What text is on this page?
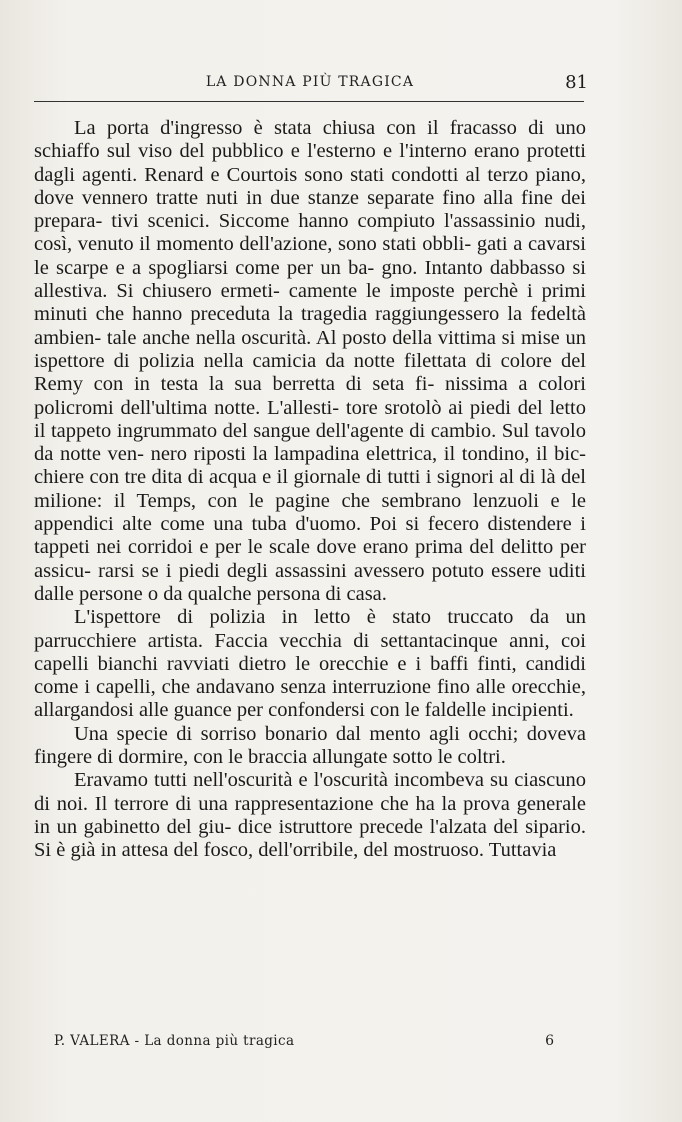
LA DONNA PIÙ TRAGICA	81

La porta d'ingresso è stata chiusa con il fracasso di uno schiaffo sul viso del pubblico e l'esterno e l'interno erano protetti dagli agenti. Renard e Courtois sono stati condotti al terzo piano, dove vennero tratte nuti in due stanze separate fino alla fine dei prepara- tivi scenici. Siccome hanno compiuto l'assassinio nudi, così, venuto il momento dell'azione, sono stati obbli- gati a cavarsi le scarpe e a spogliarsi come per un ba- gno. Intanto dabbasso si allestiva. Si chiusero ermeti- camente le imposte perchè i primi minuti che hanno preceduta la tragedia raggiungessero la fedeltà ambien- tale anche nella oscurità. Al posto della vittima si mise un ispettore di polizia nella camicia da notte filettata di colore del Remy con in testa la sua berretta di seta fi- nissima a colori policromi dell'ultima notte. L'allesti- tore srotolò ai piedi del letto il tappeto ingrummato del sangue dell'agente di cambio. Sul tavolo da notte ven- nero riposti la lampadina elettrica, il tondino, il bic- chiere con tre dita di acqua e il giornale di tutti i signori al di là del milione: il Temps, con le pagine che sembrano lenzuoli e le appendici alte come una tuba d'uomo. Poi si fecero distendere i tappeti nei corridoi e per le scale dove erano prima del delitto per assicu- rarsi se i piedi degli assassini avessero potuto essere uditi dalle persone o da qualche persona di casa.

L'ispettore di polizia in letto è stato truccato da un parrucchiere artista. Faccia vecchia di settantacinque anni, coi capelli bianchi ravviati dietro le orecchie e i baffi finti, candidi come i capelli, che andavano senza interruzione fino alle orecchie, allargandosi alle guance per confondersi con le faldelle incipienti.

Una specie di sorriso bonario dal mento agli occhi; doveva fingere di dormire, con le braccia allungate sotto le coltri.

Eravamo tutti nell'oscurità e l'oscurità incombeva su ciascuno di noi. Il terrore di una rappresentazione che ha la prova generale in un gabinetto del giu- dice istruttore precede l'alzata del sipario. Si è già in attesa del fosco, dell'orribile, del mostruoso. Tuttavia

P. VALERA - La donna più tragica	6
